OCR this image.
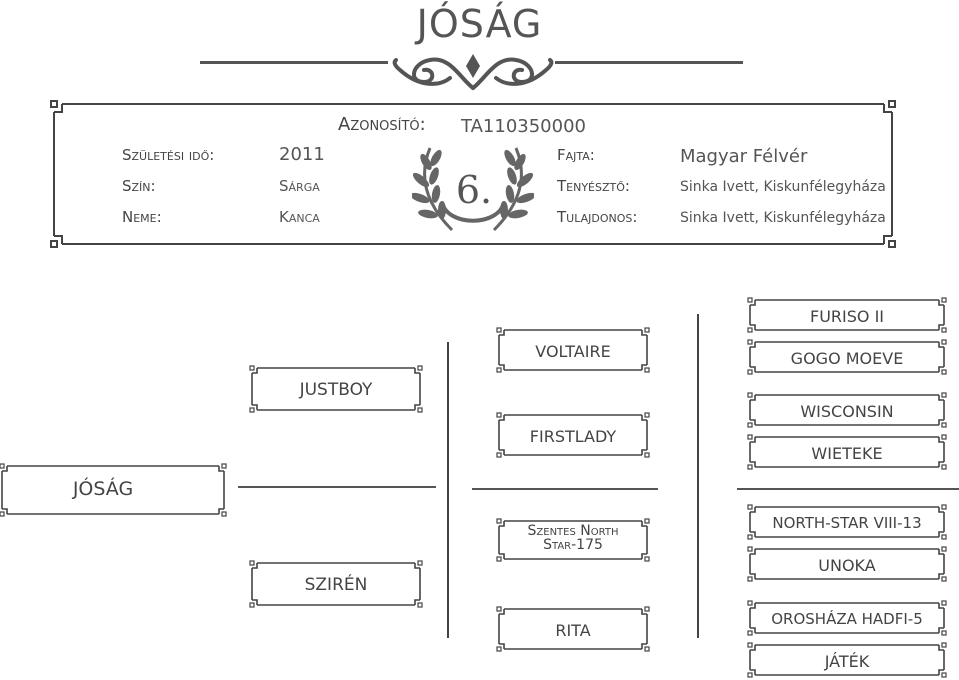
JÓSÁG
Azonosító: TA110350000
Születési idő:	2011
Szín:	Sárga
Neme:	Kanca
6.
Fajta:	Magyar Félvér
Tenyésztő:	Sinka Ivett, Kiskunfélegyháza
Tulajdonos:	Sinka Ivett, Kiskunfélegyháza
JÓSÁG
JUSTBOY
SZIRÉN
VOLTAIRE
FIRSTLADY
Szentes North Star-175
RITA
FURISO II
GOGO MOEVE
WISCONSIN
WIETEKE
NORTH-STAR VIII-13
UNOKA
OROSHÁZA HADFI-5
JÁTÉK
